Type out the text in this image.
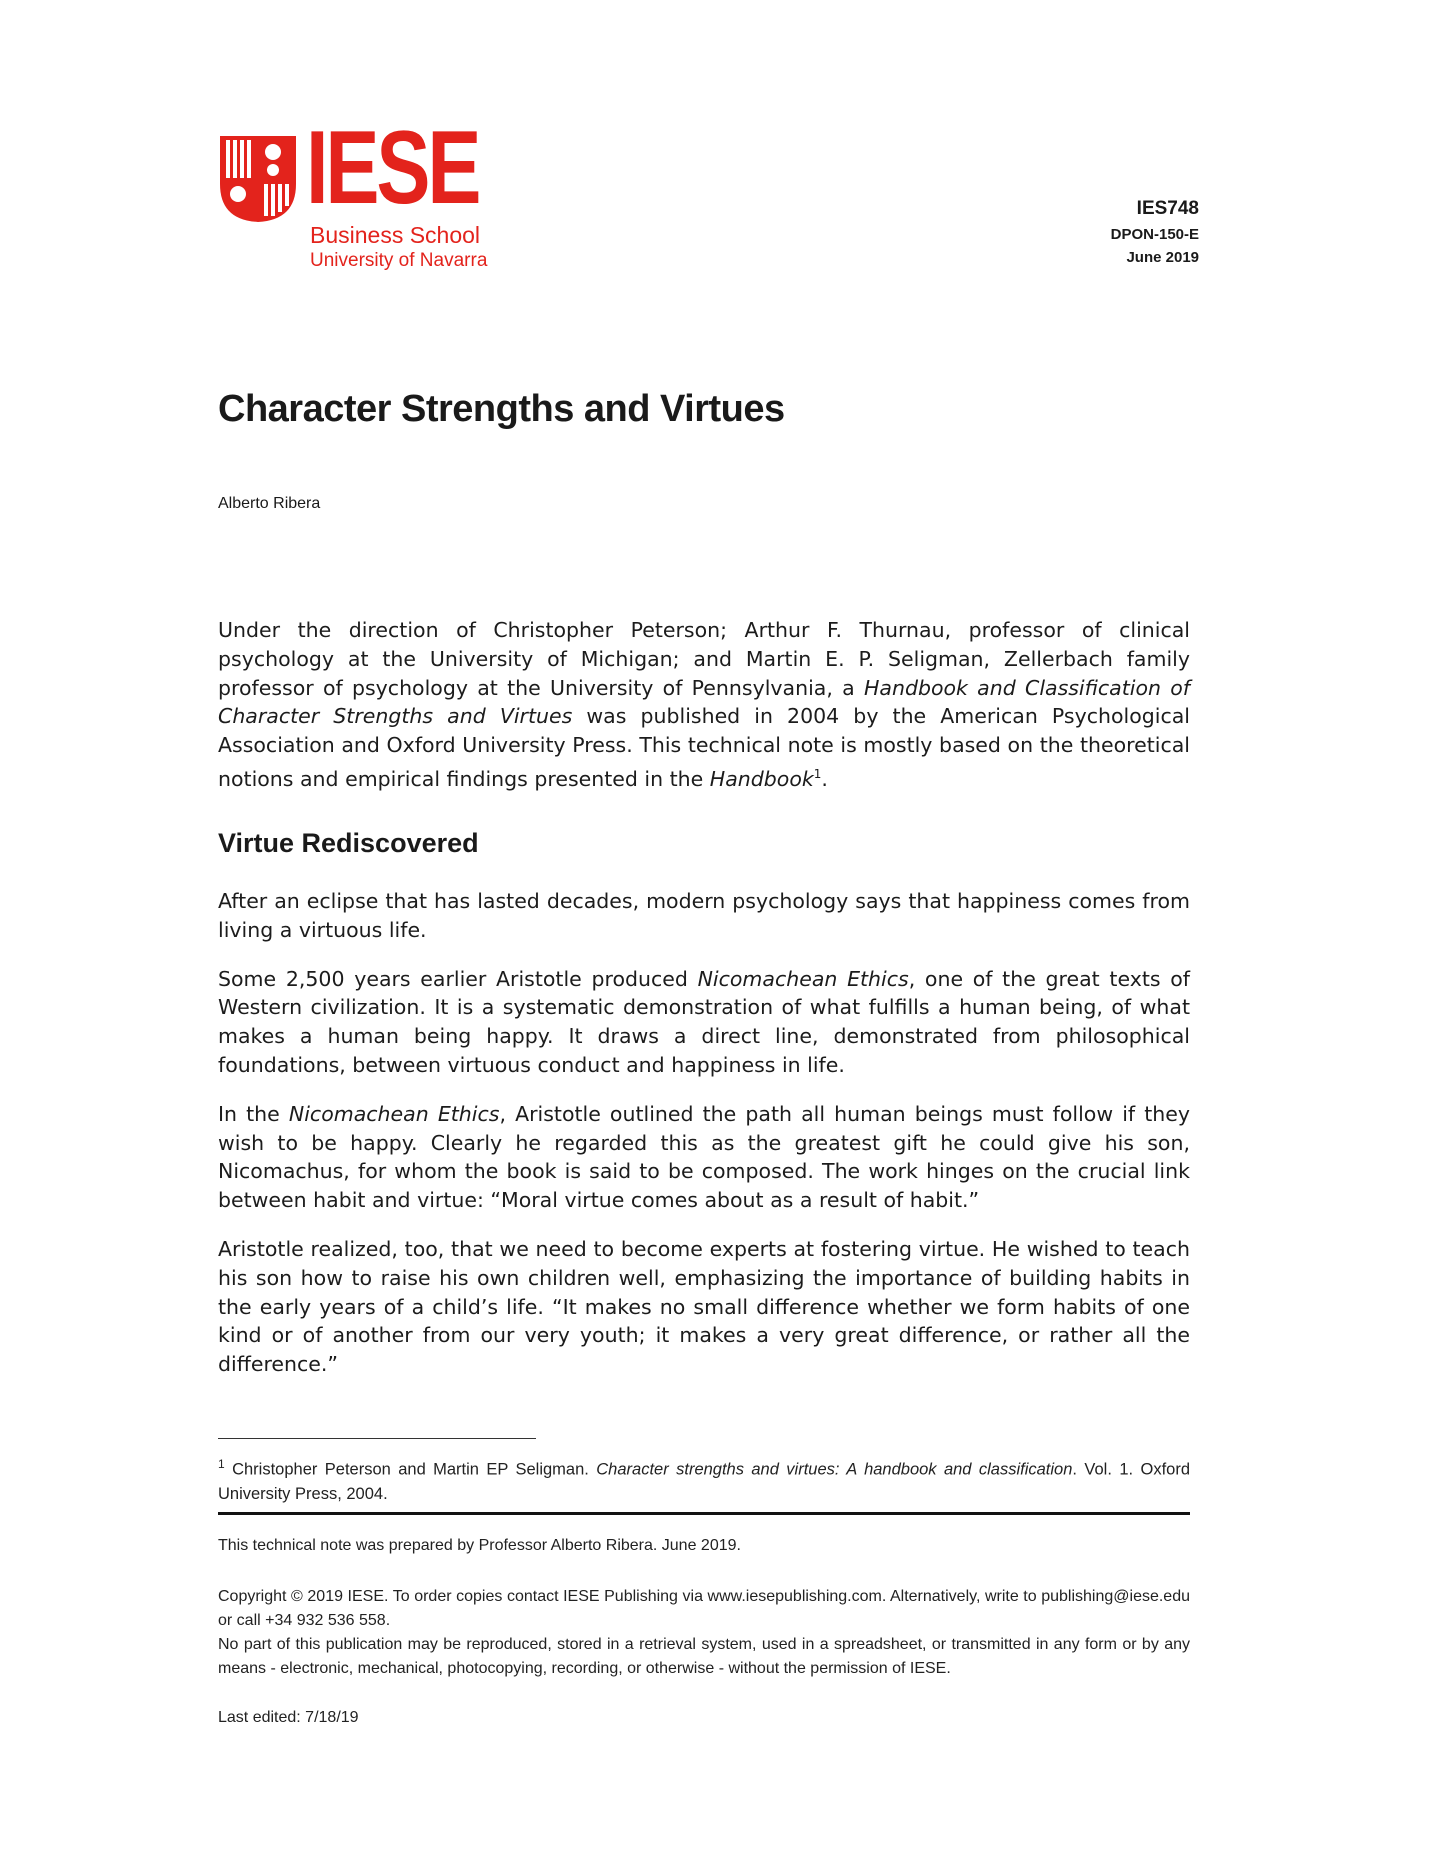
IESE
Business School
University of Navarra
IES748
DPON-150-E
June 2019
Character Strengths and Virtues
Alberto Ribera

Under the direction of Christopher Peterson; Arthur F. Thurnau, professor of clinical psychology at the University of Michigan; and Martin E. P. Seligman, Zellerbach family professor of psychology at the University of Pennsylvania, a Handbook and Classification of Character Strengths and Virtues was published in 2004 by the American Psychological Association and Oxford University Press. This technical note is mostly based on the theoretical notions and empirical findings presented in the Handbook$^1$.

Virtue Rediscovered

After an eclipse that has lasted decades, modern psychology says that happiness comes from living a virtuous life.

Some 2,500 years earlier Aristotle produced Nicomachean Ethics, one of the great texts of Western civilization. It is a systematic demonstration of what fulfills a human being, of what makes a human being happy. It draws a direct line, demonstrated from philosophical foundations, between virtuous conduct and happiness in life.

In the Nicomachean Ethics, Aristotle outlined the path all human beings must follow if they wish to be happy. Clearly he regarded this as the greatest gift he could give his son, Nicomachus, for whom the book is said to be composed. The work hinges on the crucial link between habit and virtue: “Moral virtue comes about as a result of habit.”

Aristotle realized, too, that we need to become experts at fostering virtue. He wished to teach his son how to raise his own children well, emphasizing the importance of building habits in the early years of a child’s life. “It makes no small difference whether we form habits of one kind or of another from our very youth; it makes a very great difference, or rather all the difference.”

$^1$ Christopher Peterson and Martin EP Seligman. Character strengths and virtues: A handbook and classification. Vol. 1. Oxford University Press, 2004.
This technical note was prepared by Professor Alberto Ribera. June 2019.

Copyright © 2019 IESE. To order copies contact IESE Publishing via www.iesepublishing.com. Alternatively, write to publishing@iese.edu or call +34 932 536 558.

No part of this publication may be reproduced, stored in a retrieval system, used in a spreadsheet, or transmitted in any form or by any means - electronic, mechanical, photocopying, recording, or otherwise - without the permission of IESE.

Last edited: 7/18/19
